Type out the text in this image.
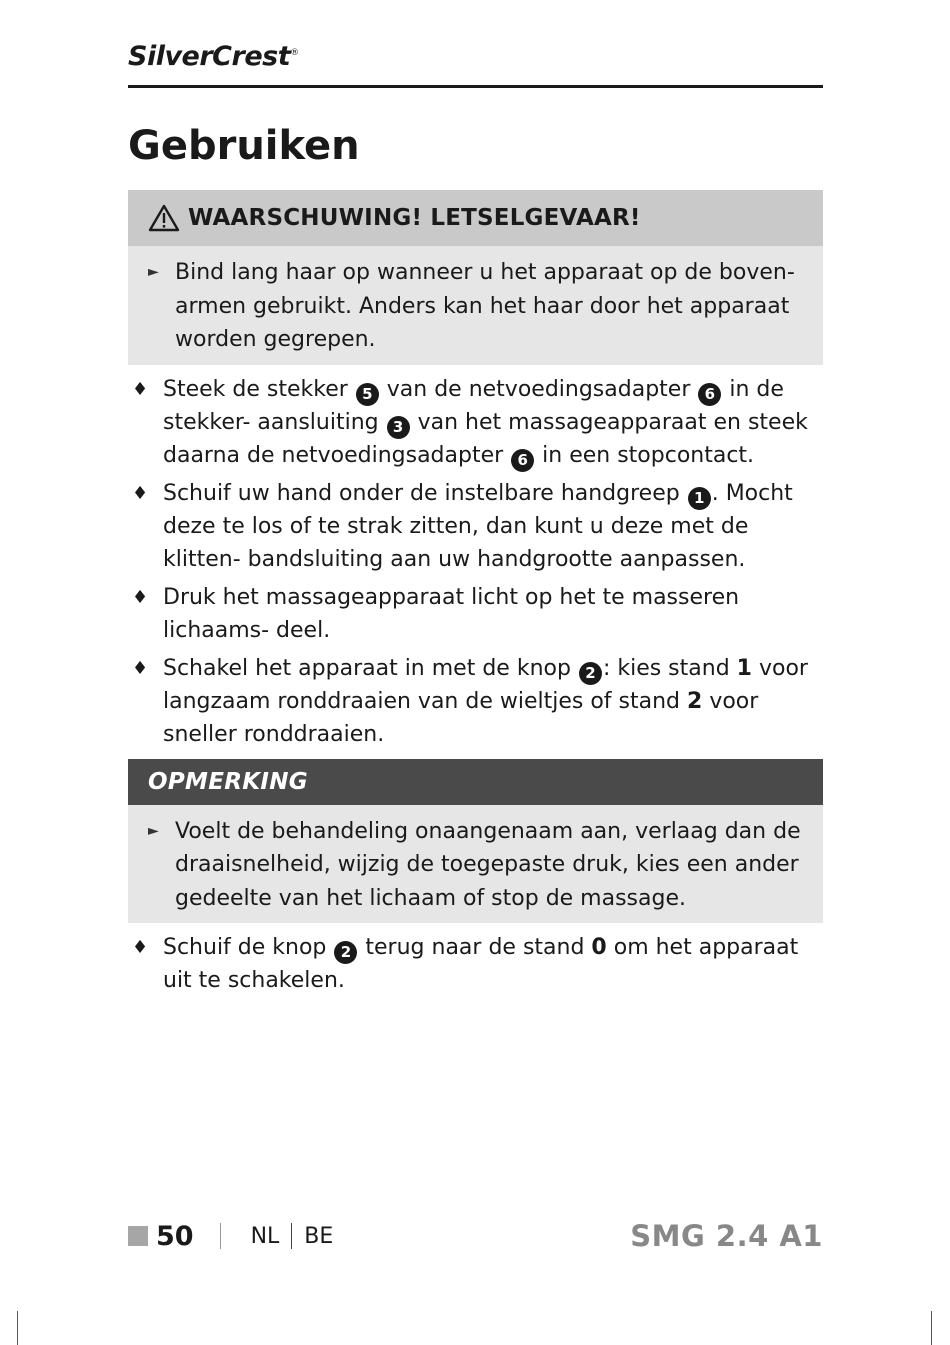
SilverCrest®
Gebruiken
WAARSCHUWING! LETSELGEVAAR!
► Bind lang haar op wanneer u het apparaat op de boven- armen gebruikt. Anders kan het haar door het apparaat worden gegrepen.
♦ Steek de stekker 5 van de netvoedingsadapter 6 in de stekker- aansluiting 3 van het massageapparaat en steek daarna de netvoedingsadapter 6 in een stopcontact.
♦ Schuif uw hand onder de instelbare handgreep 1 . Mocht deze te los of te strak zitten, dan kunt u deze met de klitten- bandsluiting aan uw handgrootte aanpassen.
♦ Druk het massageapparaat licht op het te masseren lichaams- deel.
♦ Schakel het apparaat in met de knop 2 : kies stand 1 voor langzaam ronddraaien van de wieltjes of stand 2 voor sneller ronddraaien.
OPMERKING
► Voelt de behandeling onaangenaam aan, verlaag dan de draaisnelheid, wijzig de toegepaste druk, kies een ander gedeelte van het lichaam of stop de massage.
♦ Schuif de knop 2 terug naar de stand 0 om het apparaat uit te schakelen.
50	NL BE	SMG 2.4 A1
